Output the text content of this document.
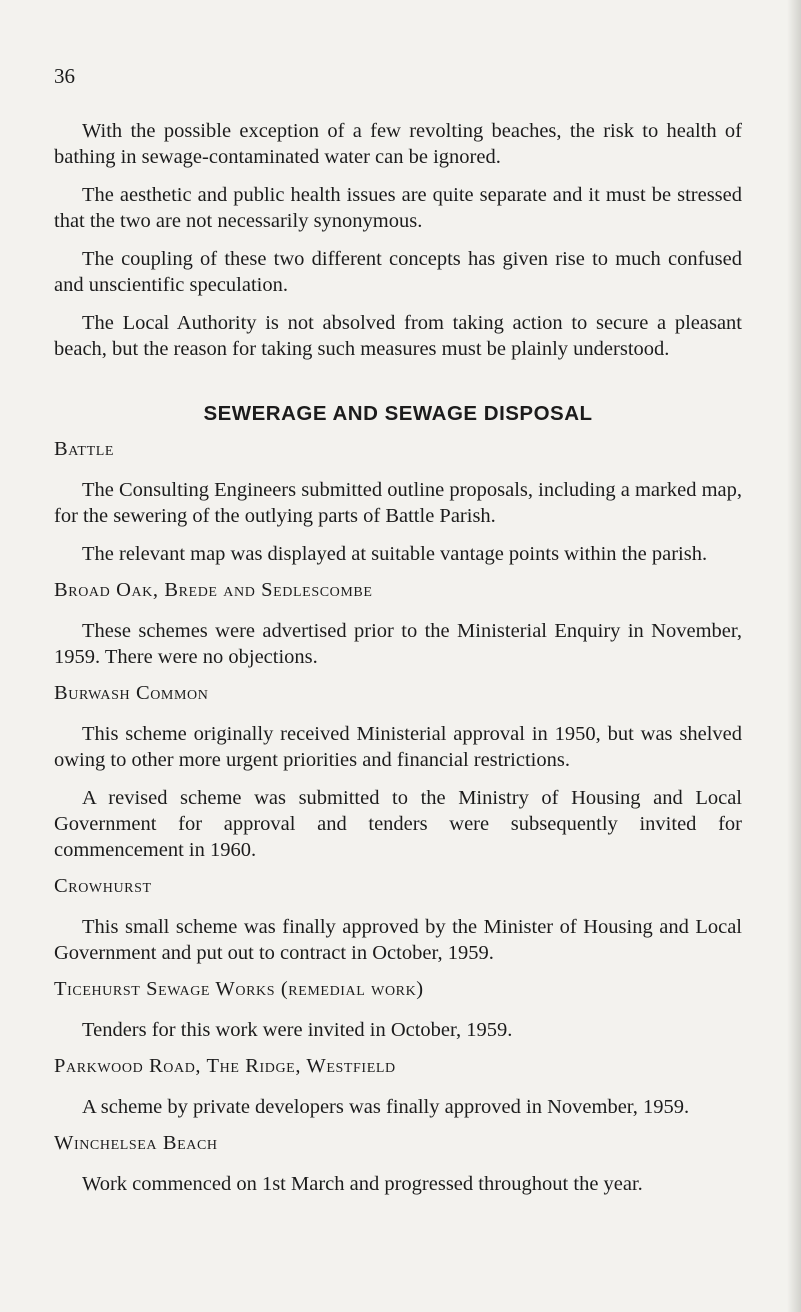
36

With the possible exception of a few revolting beaches, the risk to health of bathing in sewage-contaminated water can be ignored.

The aesthetic and public health issues are quite separate and it must be stressed that the two are not necessarily synonymous.

The coupling of these two different concepts has given rise to much confused and unscientific speculation.

The Local Authority is not absolved from taking action to secure a pleasant beach, but the reason for taking such measures must be plainly understood.

SEWERAGE AND SEWAGE DISPOSAL
Battle

The Consulting Engineers submitted outline proposals, including a marked map, for the sewering of the outlying parts of Battle Parish.

The relevant map was displayed at suitable vantage points within the parish.

Broad Oak, Brede and Sedlescombe

These schemes were advertised prior to the Ministerial Enquiry in November, 1959. There were no objections.

Burwash Common

This scheme originally received Ministerial approval in 1950, but was shelved owing to other more urgent priorities and financial restrictions.

A revised scheme was submitted to the Ministry of Housing and Local Government for approval and tenders were subsequently invited for commencement in 1960.

Crowhurst

This small scheme was finally approved by the Minister of Housing and Local Government and put out to contract in October, 1959.

Ticehurst Sewage Works (remedial work)

Tenders for this work were invited in October, 1959.

Parkwood Road, The Ridge, Westfield

A scheme by private developers was finally approved in November, 1959.

Winchelsea Beach

Work commenced on 1st March and progressed throughout the year.
